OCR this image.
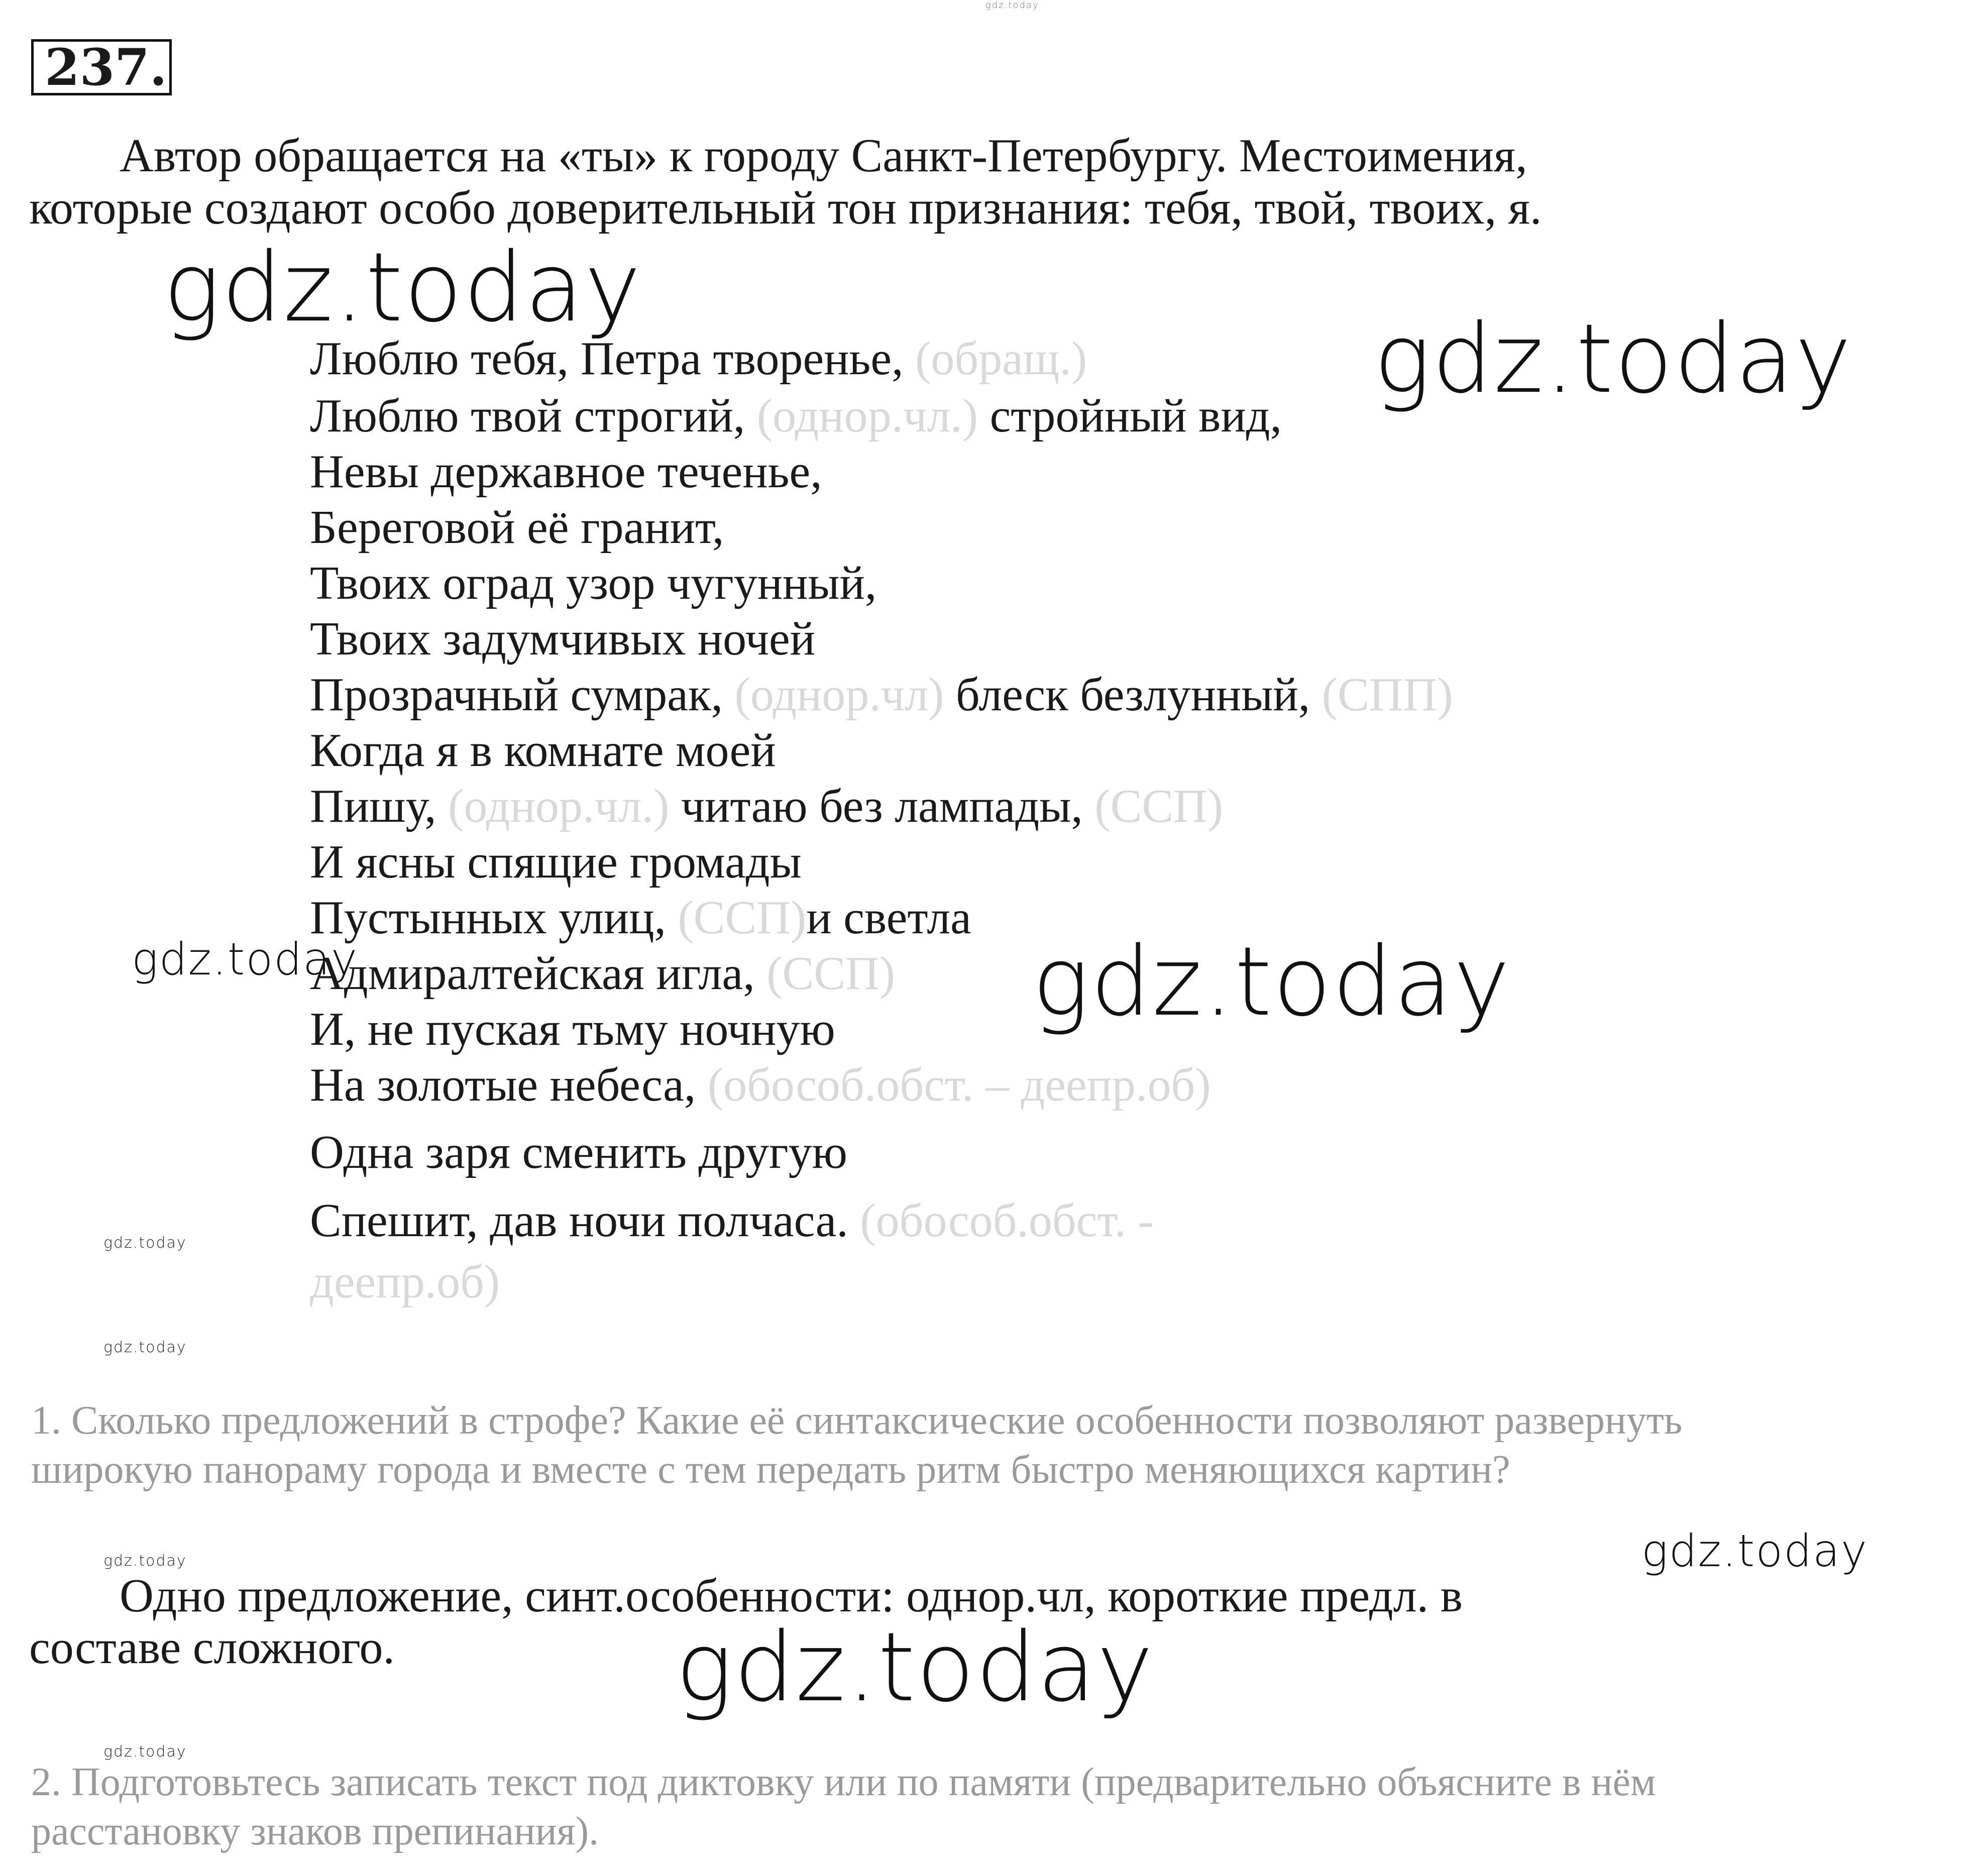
gdz.today
237.
Автор обращается на «ты» к городу Санкт-Петербургу. Местоимения,
которые создают особо доверительный тон признания: тебя, твой, твоих, я.
gdz.today
gdz.today
gdz.today
gdz.today
gdz.today
gdz.today
gdz.today
gdz.today
gdz.today
gdz.today
Люблю тебя, Петра творенье, (обращ.)
Люблю твой строгий, (однор.чл.) стройный вид,
Невы державное теченье,
Береговой её гранит,
Твоих оград узор чугунный,
Твоих задумчивых ночей
Прозрачный сумрак, (однор.чл) блеск безлунный, (СПП)
Когда я в комнате моей
Пишу, (однор.чл.) читаю без лампады, (ССП)
И ясны спящие громады
Пустынных улиц, (ССП)и светла
Адмиралтейская игла, (ССП)
И, не пуская тьму ночную
На золотые небеса, (обособ.обст. – деепр.об)
Одна заря сменить другую
Спешит, дав ночи полчаса. (обособ.обст. -
деепр.об)
1. Сколько предложений в строфе? Какие её синтаксические особенности позволяют развернуть
широкую панораму города и вместе с тем передать ритм быстро меняющихся картин?
Одно предложение, синт.особенности: однор.чл, короткие предл. в
составе сложного.
2. Подготовьтесь записать текст под диктовку или по памяти (предварительно объясните в нём
расстановку знаков препинания).
